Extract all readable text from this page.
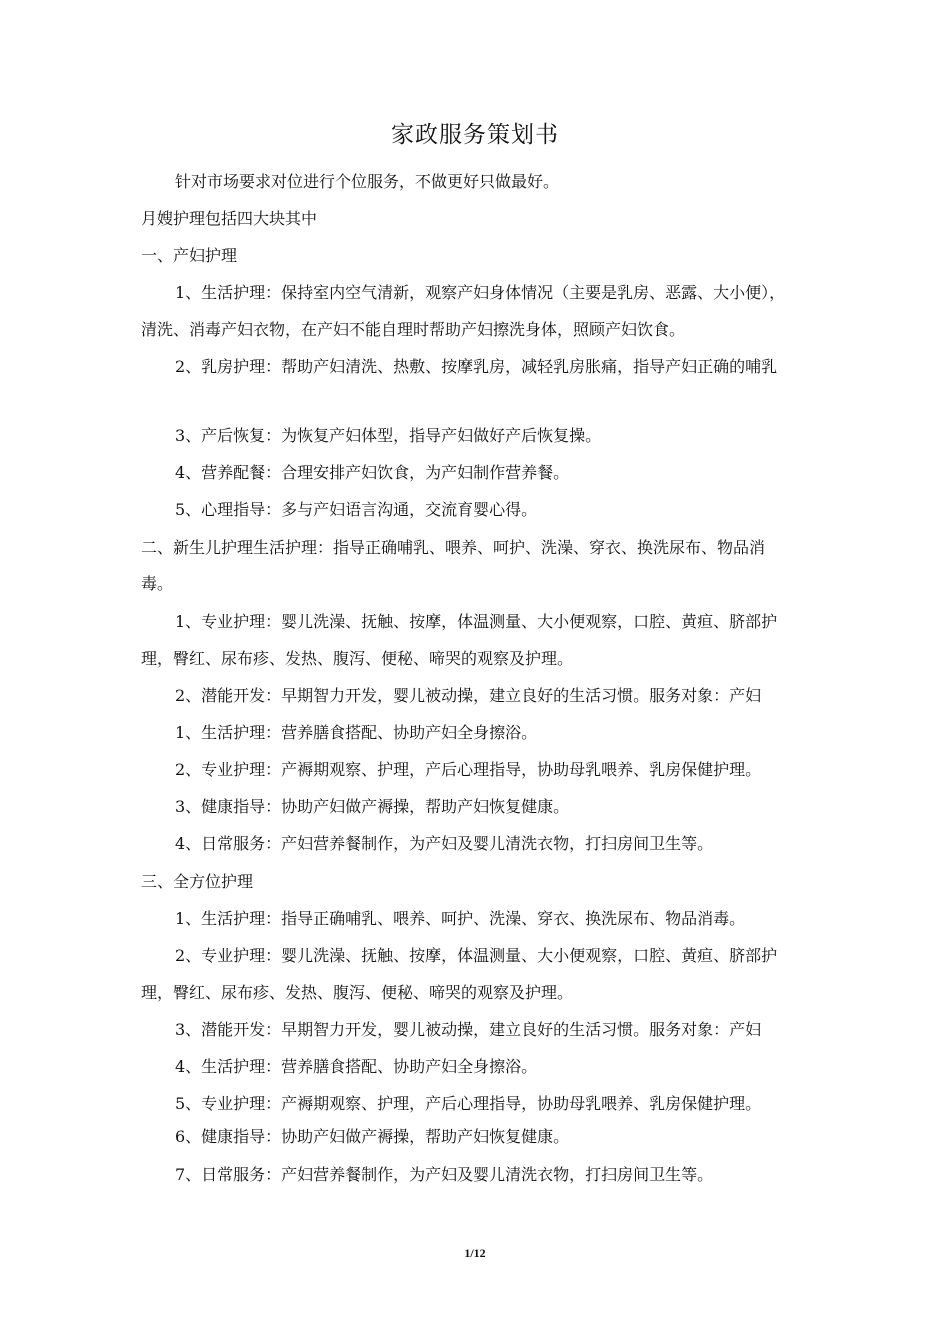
家政服务策划书
针对市场要求对位进行个位服务，不做更好只做最好。
月嫂护理包括四大块其中
一、产妇护理
1、生活护理：保持室内空气清新，观察产妇身体情况（主要是乳房、恶露、大小便），
清洗、消毒产妇衣物，在产妇不能自理时帮助产妇擦洗身体，照顾产妇饮食。
2、乳房护理：帮助产妇清洗、热敷、按摩乳房，减轻乳房胀痛，指导产妇正确的哺乳
3、产后恢复：为恢复产妇体型，指导产妇做好产后恢复操。
4、营养配餐：合理安排产妇饮食，为产妇制作营养餐。
5、心理指导：多与产妇语言沟通，交流育婴心得。
二、新生儿护理生活护理：指导正确哺乳、喂养、呵护、洗澡、穿衣、换洗尿布、物品消
毒。
1、专业护理：婴儿洗澡、抚触、按摩，体温测量、大小便观察，口腔、黄疸、脐部护
理，臀红、尿布疹、发热、腹泻、便秘、啼哭的观察及护理。
2、潜能开发：早期智力开发，婴儿被动操，建立良好的生活习惯。服务对象：产妇
1、生活护理：营养膳食搭配、协助产妇全身擦浴。
2、专业护理：产褥期观察、护理，产后心理指导，协助母乳喂养、乳房保健护理。
3、健康指导：协助产妇做产褥操，帮助产妇恢复健康。
4、日常服务：产妇营养餐制作，为产妇及婴儿清洗衣物，打扫房间卫生等。
三、全方位护理
1、生活护理：指导正确哺乳、喂养、呵护、洗澡、穿衣、换洗尿布、物品消毒。
2、专业护理：婴儿洗澡、抚触、按摩，体温测量、大小便观察，口腔、黄疸、脐部护
理，臀红、尿布疹、发热、腹泻、便秘、啼哭的观察及护理。
3、潜能开发：早期智力开发，婴儿被动操，建立良好的生活习惯。服务对象：产妇
4、生活护理：营养膳食搭配、协助产妇全身擦浴。
5、专业护理：产褥期观察、护理，产后心理指导，协助母乳喂养、乳房保健护理。
6、健康指导：协助产妇做产褥操，帮助产妇恢复健康。
7、日常服务：产妇营养餐制作，为产妇及婴儿清洗衣物，打扫房间卫生等。
1/12
